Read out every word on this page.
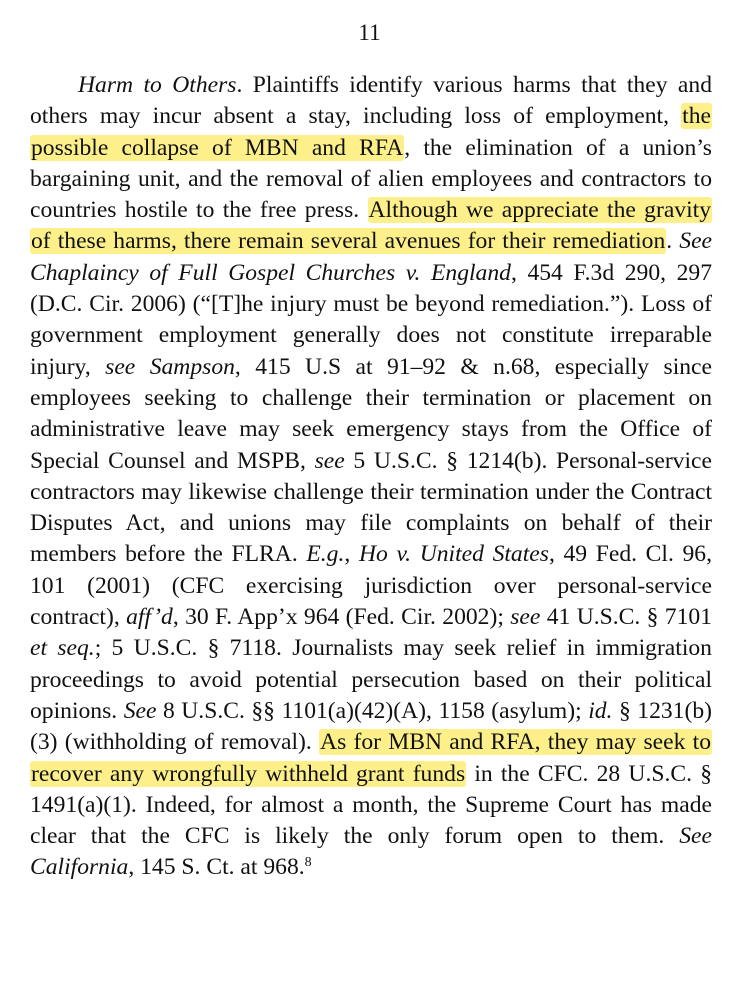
11

Harm to Others. Plaintiffs identify various harms that they and others may incur absent a stay, including loss of employment, the possible collapse of MBN and RFA, the elimination of a union’s bargaining unit, and the removal of alien employees and contractors to countries hostile to the free press. Although we appreciate the gravity of these harms, there remain several avenues for their remediation. See Chaplaincy of Full Gospel Churches v. England, 454 F.3d 290, 297 (D.C. Cir. 2006) (“[T]he injury must be beyond remediation.”). Loss of government employment generally does not constitute irreparable injury, see Sampson, 415 U.S at 91–92 & n.68, especially since employees seeking to challenge their termination or placement on administrative leave may seek emergency stays from the Office of Special Counsel and MSPB, see 5 U.S.C. § 1214(b). Personal-service contractors may likewise challenge their termination under the Contract Disputes Act, and unions may file complaints on behalf of their members before the FLRA. E.g., Ho v. United States, 49 Fed. Cl. 96, 101 (2001) (CFC exercising jurisdiction over personal-service contract), aff’d, 30 F. App’x 964 (Fed. Cir. 2002); see 41 U.S.C. § 7101 et seq.; 5 U.S.C. § 7118. Journalists may seek relief in immigration proceedings to avoid potential persecution based on their political opinions. See 8 U.S.C. §§ 1101(a)(42)(A), 1158 (asylum); id. § 1231(b)(3) (withholding of removal). As for MBN and RFA, they may seek to recover any wrongfully withheld grant funds in the CFC. 28 U.S.C. § 1491(a)(1). Indeed, for almost a month, the Supreme Court has made clear that the CFC is likely the only forum open to them. See California, 145 S. Ct. at 968.$^8$
